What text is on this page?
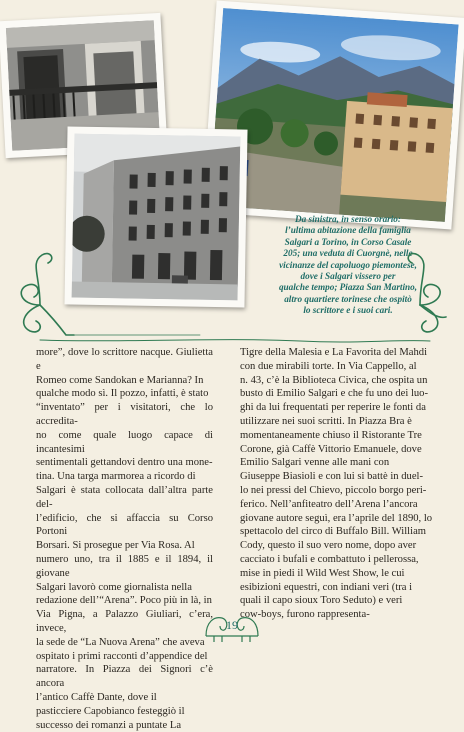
Da sinistra, in senso orario:

l’ultima abitazione della famiglia

Salgari a Torino, in Corso Casale

205; una veduta di Cuorgnè, nelle

vicinanze del capoluogo piemontese,

dove i Salgari vissero per

qualche tempo; Piazza San Martino,

altro quartiere torinese che ospitò

lo scrittore e i suoi cari.

more”, dove lo scrittore nacque. Giulietta e

Romeo come Sandokan e Marianna? In

qualche modo sì. Il pozzo, infatti, è stato

“inventato” per i visitatori, che lo accredita-

no come quale luogo capace di incantesimi

sentimentali gettandovi dentro una mone-

tina. Una targa marmorea a ricordo di

Salgari è stata collocata dall’altra parte del-

l’edificio, che si affaccia su Corso Portoni

Borsari. Si prosegue per Via Rosa. Al

numero uno, tra il 1885 e il 1894, il giovane

Salgari lavorò come giornalista nella

redazione dell’“Arena”. Poco più in là, in

Via Pigna, a Palazzo Giuliari, c’era, invece,

la sede de “La Nuova Arena” che aveva

ospitato i primi racconti d’appendice del

narratore. In Piazza dei Signori c’è ancora

l’antico Caffè Dante, dove il

pasticciere Capobianco festeggiò il

successo dei romanzi a puntate La

Tigre della Malesia e La Favorita del Mahdi

con due mirabili torte. In Via Cappello, al

n. 43, c’è la Biblioteca Civica, che ospita un

busto di Emilio Salgari e che fu uno dei luo-

ghi da lui frequentati per reperire le fonti da

utilizzare nei suoi scritti. In Piazza Bra è

momentaneamente chiuso il Ristorante Tre

Corone, già Caffè Vittorio Emanuele, dove

Emilio Salgari venne alle mani con

Giuseppe Biasioli e con lui si battè in duel-

lo nei pressi del Chievo, piccolo borgo peri-

ferico. Nell’anfiteatro dell’Arena l’ancora

giovane autore seguì, era l’aprile del 1890, lo

spettacolo del circo di Buffalo Bill. William

Cody, questo il suo vero nome, dopo aver

cacciato i bufali e combattuto i pellerossa,

mise in piedi il Wild West Show, le cui

esibizioni equestri, con indiani veri (tra i

quali il capo sioux Toro Seduto) e veri

cow-boys, furono rappresenta-

19
